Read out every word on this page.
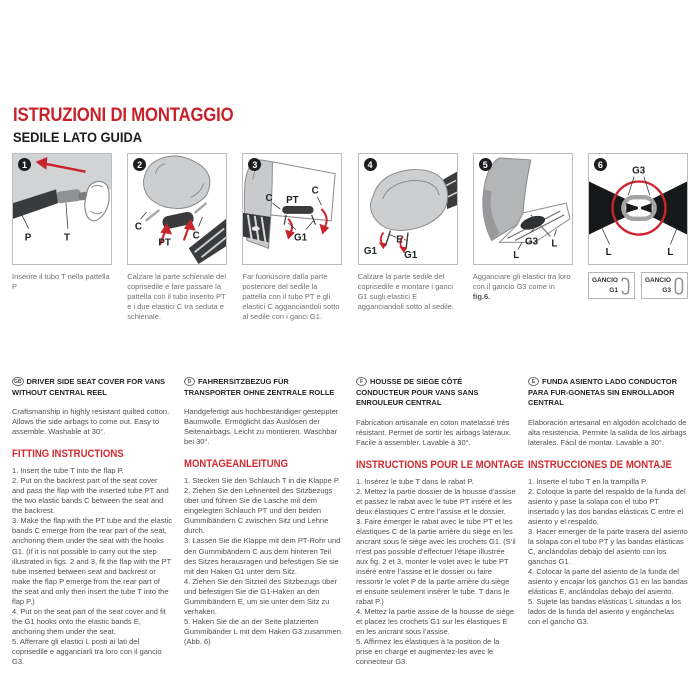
ISTRUZIONI DI MONTAGGIO
SEDILE LATO GUIDA
P	T
1
Inserire il tubo T nella pattella P
C
PT
C
2
Calzare la parte schienale del coprisedile e fare passare la pattella con il tubo inserito PT e i due elastici C tra seduta e schienale.
C PT
C
G1
3
Far fuoriuscire dalla parte posteriore del sedile la pattella con il tubo PT e gli elastici C agganciandoli sotto al sedile con i ganci G1.
G1
E
G1
4
Calzare la parte sedile del coprisedile e montare i ganci G1 sugli elastici E agganciandoli sotto al sedile.
G3
L
L
5
Agganciare gli elastici tra loro con il gancio G3 come in fig.6.
G3
L	L
6
GANCIO
G1
GANCIO
G3
GB DRIVER SIDE SEAT COVER FOR VANS WITHOUT CENTRAL REEL
Craftsmanship in highly resistant quilted cotton. Allows the side airbags to come out. Easy to assemble. Washable at 30°.
FITTING INSTRUCTIONS
1. Insert the tube T into the flap P.
2. Put on the backrest part of the seat cover and pass the flap with the inserted tube PT and the two elastic bands C between the seat and the backrest.
3. Make the flap with the PT tube and the elastic bands C emerge from the rear part of the seat, anchoring them under the seat with the hooks G1. (If it is not possible to carry out the step illustrated in figs. 2 and 3, fit the flap with the PT tube inserted between seat and backrest or make the flap P emerge from the rear part of the seat and only then insert the tube T into the flap P.)
4. Put on the seat part of the seat cover and fit the G1 hooks onto the elastic bands E, anchoring them under the seat.
5. Afferrare gli elastici L posti ai lati del coprisedile e agganciarli tra loro con il gancio G3.
D FAHRERSITZBEZUG FÜR TRANSPORTER OHNE ZENTRALE ROLLE
Handgefertigt aus hochbeständiger gesteppter Baumwolle. Ermöglicht das Auslösen der Seitenairbags. Leicht zu montieren. Waschbar bei 30°.
MONTAGEANLEITUNG
1. Stecken Sie den Schlauch T in die Klappe P.
2. Ziehen Sie den Lehnenteil des Sitzbezugs über und führen Sie die Lasche mit dem eingelegten Schlauch PT und den beiden Gummibändern C zwischen Sitz und Lehne durch.
3. Lassen Sie die Klappe mit dem PT-Rohr und den Gummibändern C aus dem hinteren Teil des Sitzes herausragen und befestigen Sie sie mit den Haken G1 unter dem Sitz.
4. Ziehen Sie den Sitzteil des Sitzbezugs über und befestigen Sie die G1-Haken an den Gummibändern E, um sie unter dem Sitz zu verhaken.
5. Haken Sie die an der Seite platzierten Gummibänder L mit dem Haken G3 zusammen. (Abb. 6)
F HOUSSE DE SIÈGE CÔTÉ CONDUCTEUR POUR VANS SANS ENROULEUR CENTRAL
Fabrication artisanale en coton matelassé très résistant. Permet de sortir les airbags latéraux. Facile à assembler. Lavable à 30°.
INSTRUCTIONS POUR LE MONTAGE
1. Insérez le tube T dans le rabat P.
2. Mettez la partie dossier de la housse d’assise et passez le rabat avec le tube PT inséré et les deux élastiques C entre l’assise et le dossier.
3. Faire émerger le rabat avec le tube PT et les élastiques C de la partie arrière du siège en les ancrant sous le siège avec les crochets G1. (S’il n’est pas possible d’effectuer l’étape illustrée aux fig. 2 et 3, monter le volet avec le tube PT inséré entre l’assise et le dossier ou faire ressortir le volet P de la partie arrière du siège et ensuite seulement insérer le tube. T dans le rabat P.)
4. Mettez la partie assise de la housse de siège et placez les crochets G1 sur les élastiques E en les ancrant sous l’assise.
5. Affirmez les élastiques à la position de la prise en charge et augmentez-les avec le connecteur G3.
E FUNDA ASIENTO LADO CONDUCTOR PARA FUR-GONETAS SIN ENROLLADOR CENTRAL
Elaboración artesanal en algodón acolchado de alta resistencia. Permite la salida de los airbags laterales. Fácil de montar. Lavable a 30°.
INSTRUCCIONES DE MONTAJE
1. Inserte el tubo T en la trampilla P.
2. Coloque la parte del respaldo de la funda del asiento y pase la solapa con el tubo PT insertado y las dos bandas elásticas C entre el asiento y el respaldo.
3. Hacer emerger de la parte trasera del asiento la solapa con el tubo PT y las bandas elásticas C, anclándolas debajo del asiento con los ganchos G1.
4. Colocar la parte del asiento de la funda del asiento y encajar los ganchos G1 en las bandas elásticas E, anclándolas debajo del asiento.
5. Sujete las bandas elásticas L situadas a los lados de la funda del asiento y engánchelas con el gancho G3.
